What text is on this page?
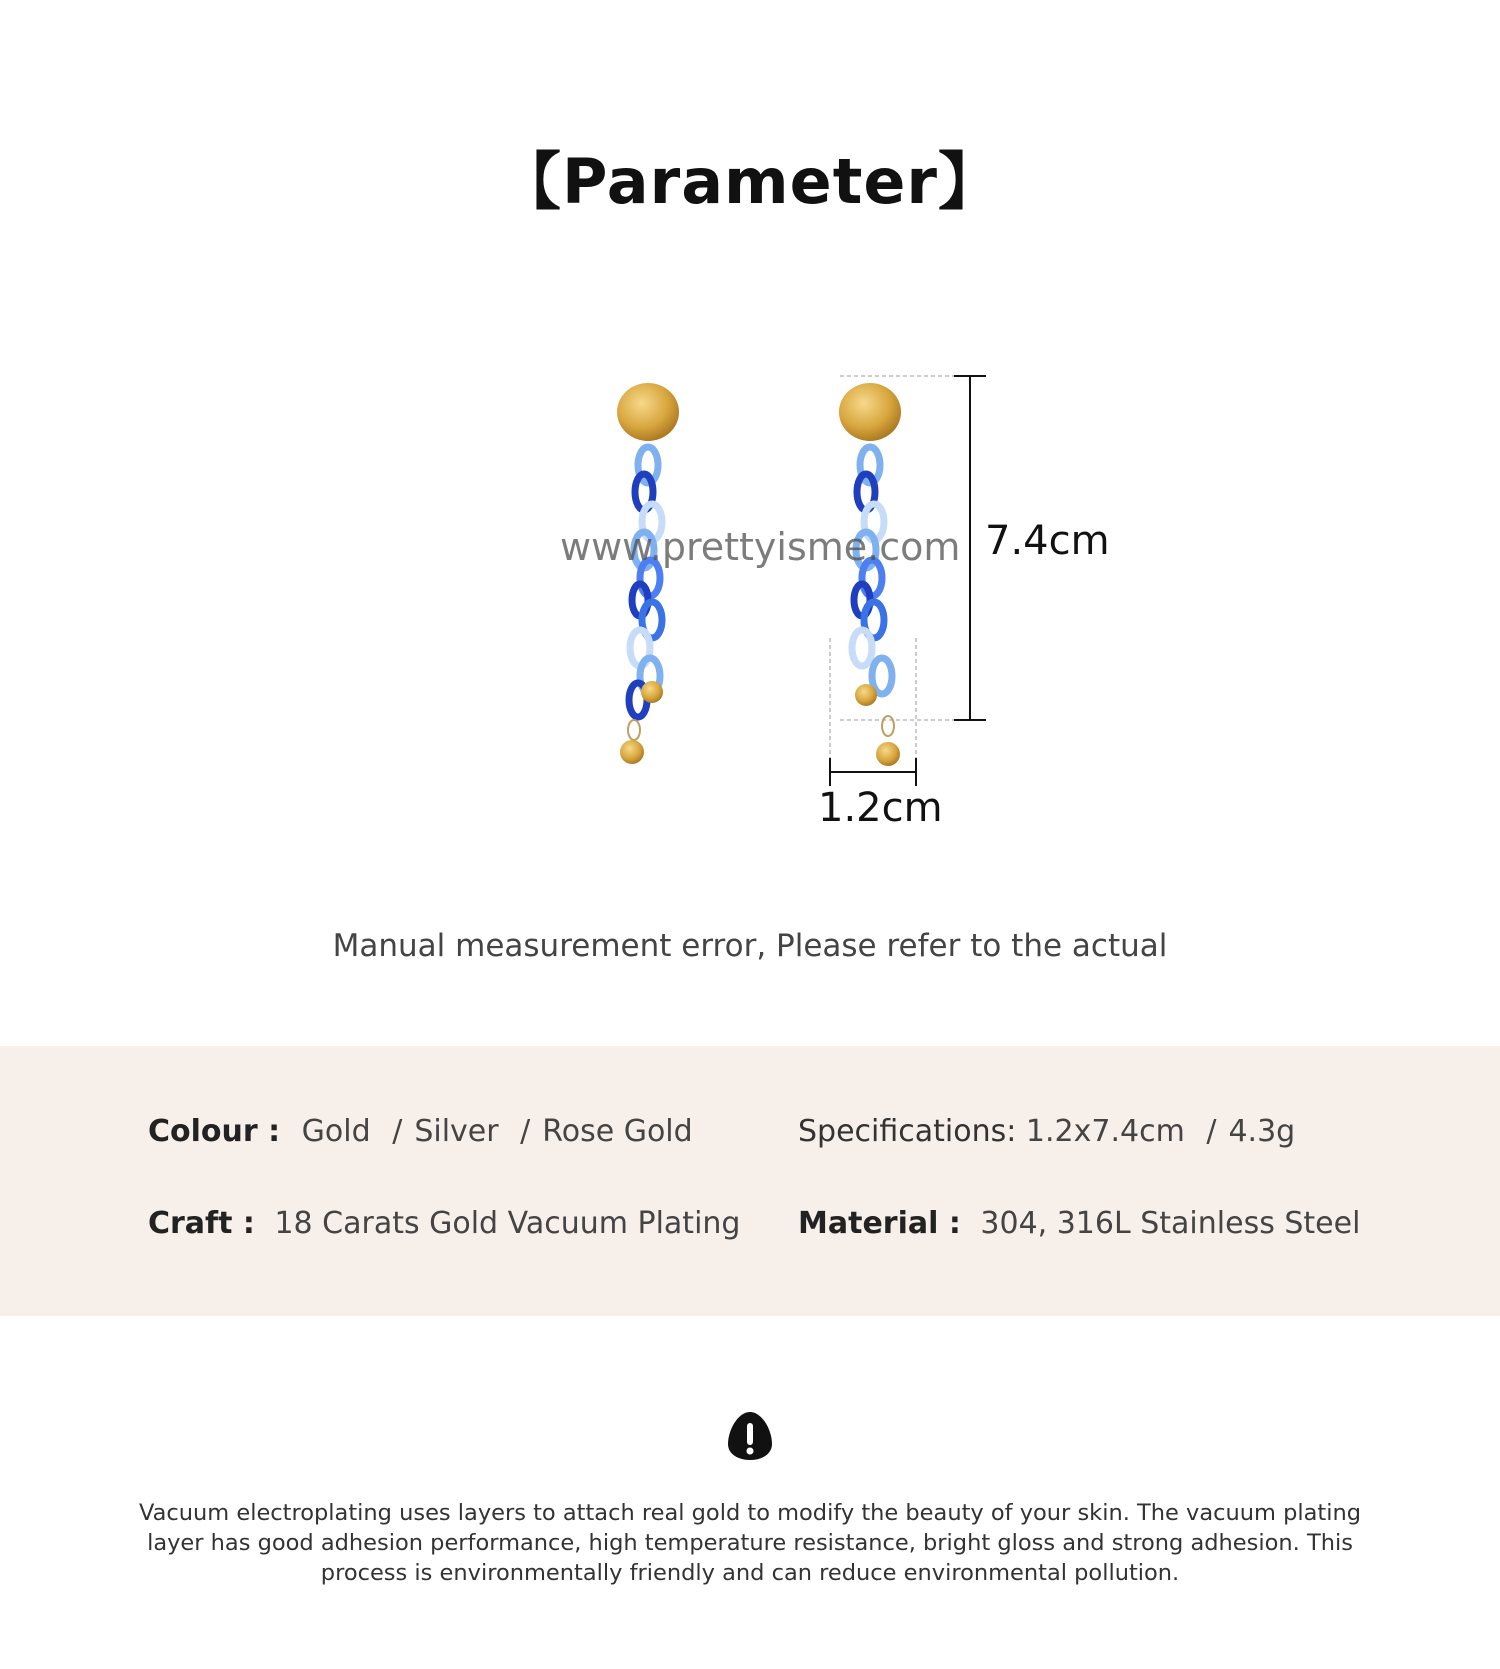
【Parameter】
www.prettyisme.com 7.4cm
1.2cm
Manual measurement error, Please refer to the actual
Colour : Gold / Silver / Rose Gold	Specifications: 1.2x7.4cm / 4.3g
Craft : 18 Carats Gold Vacuum Plating Material : 304, 316L Stainless Steel
Vacuum electroplating uses layers to attach real gold to modify the beauty of your skin. The vacuum plating layer has good adhesion performance, high temperature resistance, bright gloss and strong adhesion. This process is environmentally friendly and can reduce environmental pollution.
